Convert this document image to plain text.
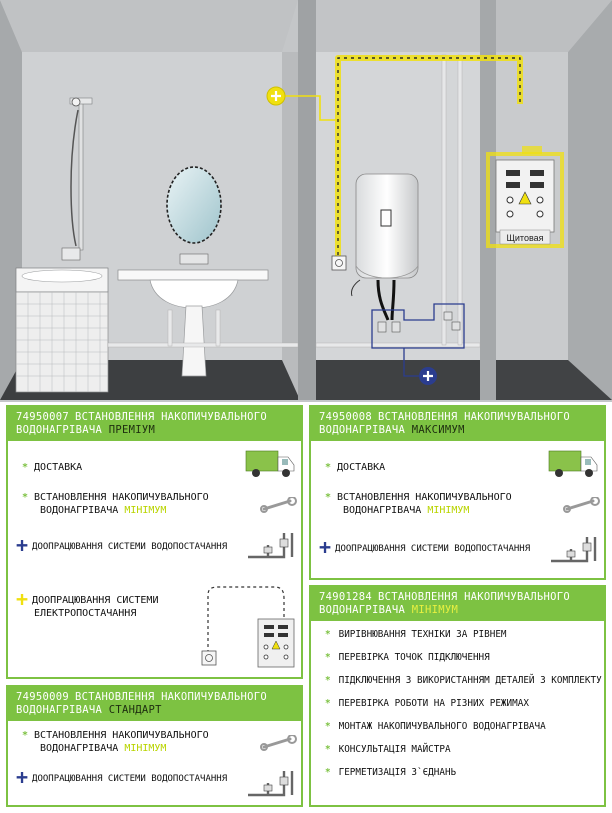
Щитовая
74950007 ВСТАНОВЛЕННЯ НАКОПИЧУВАЛЬНОГО
ВОДОНАГРІВАЧА ПРЕМІУМ
* ДОСТАВКА
* ВСТАНОВЛЕННЯ НАКОПИЧУВАЛЬНОГО
ВОДОНАГРІВАЧА МІНІМУМ
+ ДООПРАЦЮВАННЯ СИСТЕМИ ВОДОПОСТАЧАННЯ
+ ДООПРАЦЮВАННЯ СИСТЕМИ
ЕЛЕКТРОПОСТАЧАННЯ
74950008 ВСТАНОВЛЕННЯ НАКОПИЧУВАЛЬНОГО
ВОДОНАГРІВАЧА МАКСИМУМ
* ДОСТАВКА
* ВСТАНОВЛЕННЯ НАКОПИЧУВАЛЬНОГО
ВОДОНАГРІВАЧА МІНІМУМ
+ ДООПРАЦЮВАННЯ СИСТЕМИ ВОДОПОСТАЧАННЯ
74901284 ВСТАНОВЛЕННЯ НАКОПИЧУВАЛЬНОГО
ВОДОНАГРІВАЧА МІНІМУМ
* ВИРІВНЮВАННЯ ТЕХНІКИ ЗА РІВНЕМ
* ПЕРЕВІРКА ТОЧОК ПІДКЛЮЧЕННЯ
* ПІДКЛЮЧЕННЯ З ВИКОРИСТАННЯМ ДЕТАЛЕЙ З КОМПЛЕКТУ
* ПЕРЕВІРКА РОБОТИ НА РІЗНИХ РЕЖИМАХ
* МОНТАЖ НАКОПИЧУВАЛЬНОГО ВОДОНАГРІВАЧА
* КОНСУЛЬТАЦІЯ МАЙСТРА
* ГЕРМЕТИЗАЦІЯ З`ЄДНАНЬ
74950009 ВСТАНОВЛЕННЯ НАКОПИЧУВАЛЬНОГО
ВОДОНАГРІВАЧА СТАНДАРТ
* ВСТАНОВЛЕННЯ НАКОПИЧУВАЛЬНОГО
ВОДОНАГРІВАЧА МІНІМУМ
+ ДООПРАЦЮВАННЯ СИСТЕМИ ВОДОПОСТАЧАННЯ
